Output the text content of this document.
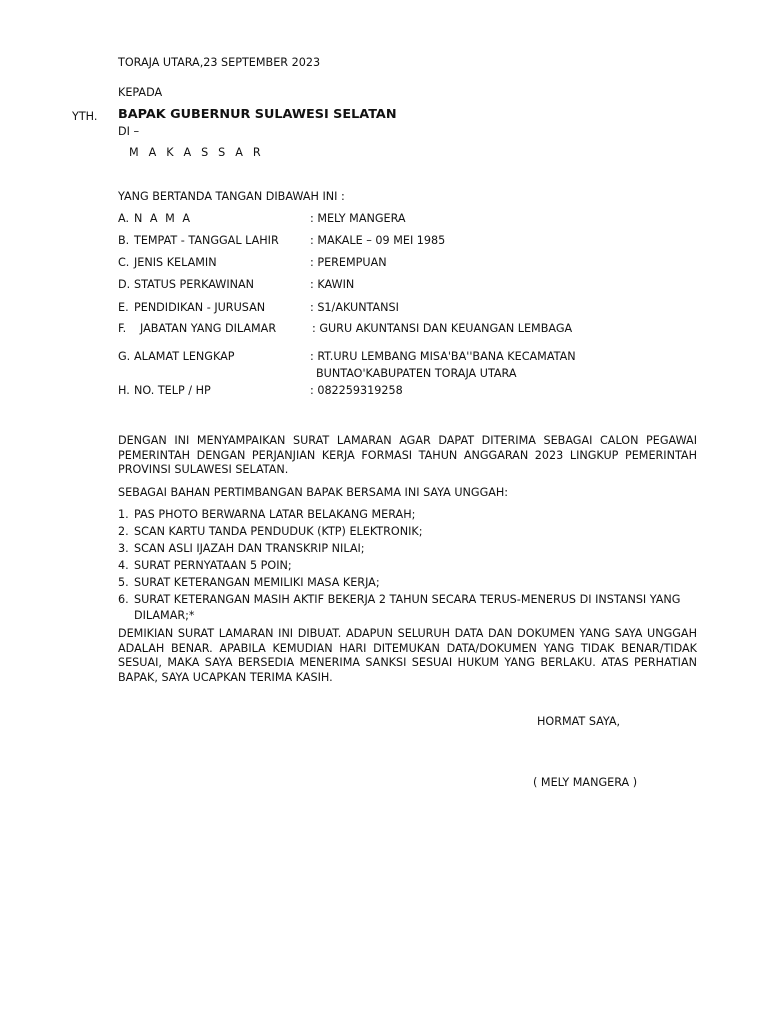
TORAJA UTARA,23 SEPTEMBER 2023
KEPADA
YTH. BAPAK GUBERNUR SULAWESI SELATAN
DI –
M A K A S S A R
YANG BERTANDA TANGAN DIBAWAH INI :
A. N A M A	: MELY MANGERA
B. TEMPAT - TANGGAL LAHIR	: MAKALE – 09 MEI 1985
C. JENIS KELAMIN	: PEREMPUAN
D. STATUS PERKAWINAN	: KAWIN
E. PENDIDIKAN - JURUSAN	: S1/AKUNTANSI
F. JABATAN YANG DILAMAR	: GURU AKUNTANSI DAN KEUANGAN LEMBAGA
G. ALAMAT LENGKAP	: RT.URU LEMBANG MISA'BA''BANA KECAMATAN
BUNTAO'KABUPATEN TORAJA UTARA
H. NO. TELP / HP	: 082259319258
DENGAN INI MENYAMPAIKAN SURAT LAMARAN AGAR DAPAT DITERIMA SEBAGAI CALON PEGAWAI PEMERINTAH DENGAN PERJANJIAN KERJA FORMASI TAHUN ANGGARAN 2023 LINGKUP PEMERINTAH PROVINSI SULAWESI SELATAN.
SEBAGAI BAHAN PERTIMBANGAN BAPAK BERSAMA INI SAYA UNGGAH:
1. PAS PHOTO BERWARNA LATAR BELAKANG MERAH;
2. SCAN KARTU TANDA PENDUDUK (KTP) ELEKTRONIK;
3. SCAN ASLI IJAZAH DAN TRANSKRIP NILAI;
4. SURAT PERNYATAAN 5 POIN;
5. SURAT KETERANGAN MEMILIKI MASA KERJA;
6. SURAT KETERANGAN MASIH AKTIF BEKERJA 2 TAHUN SECARA TERUS-MENERUS DI INSTANSI YANG
DILAMAR;*
DEMIKIAN SURAT LAMARAN INI DIBUAT. ADAPUN SELURUH DATA DAN DOKUMEN YANG SAYA UNGGAH ADALAH BENAR. APABILA KEMUDIAN HARI DITEMUKAN DATA/DOKUMEN YANG TIDAK BENAR/TIDAK SESUAI, MAKA SAYA BERSEDIA MENERIMA SANKSI SESUAI HUKUM YANG BERLAKU. ATAS PERHATIAN BAPAK, SAYA UCAPKAN TERIMA KASIH.
HORMAT SAYA,
( MELY MANGERA )
